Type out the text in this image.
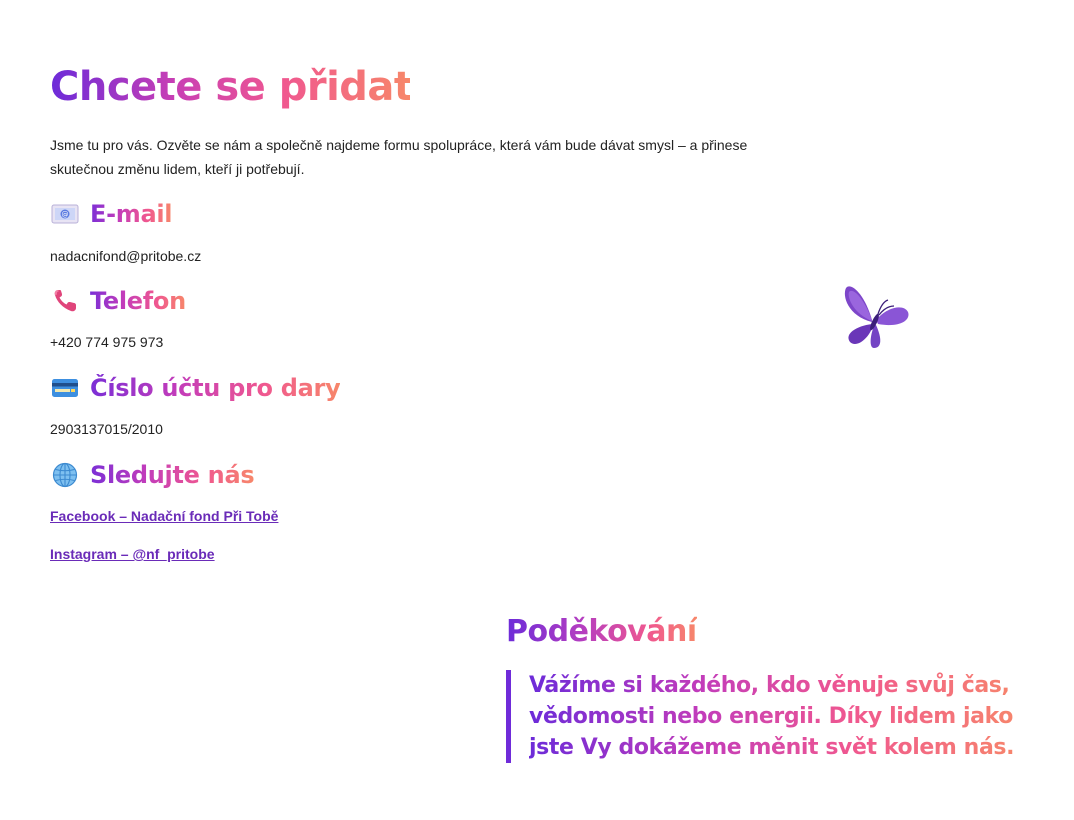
Chcete se přidat?

Jsme tu pro vás. Ozvěte se nám a společně najdeme formu spolupráce, která vám bude dávat smysl – a přinese skutečnou změnu lidem, kteří ji potřebují.

@ E-mail

nadacnifond@pritobe.cz

Telefon

+420 774 975 973

Číslo účtu pro dary

2903137015/2010

Sledujte nás
Facebook – Nadační fond Při Tobě
Instagram – @nf_pritobe
Poděkování
Vážíme si každého, kdo věnuje svůj čas, vědomosti nebo energii. Díky lidem jako jste Vy dokážeme měnit svět kolem nás.
